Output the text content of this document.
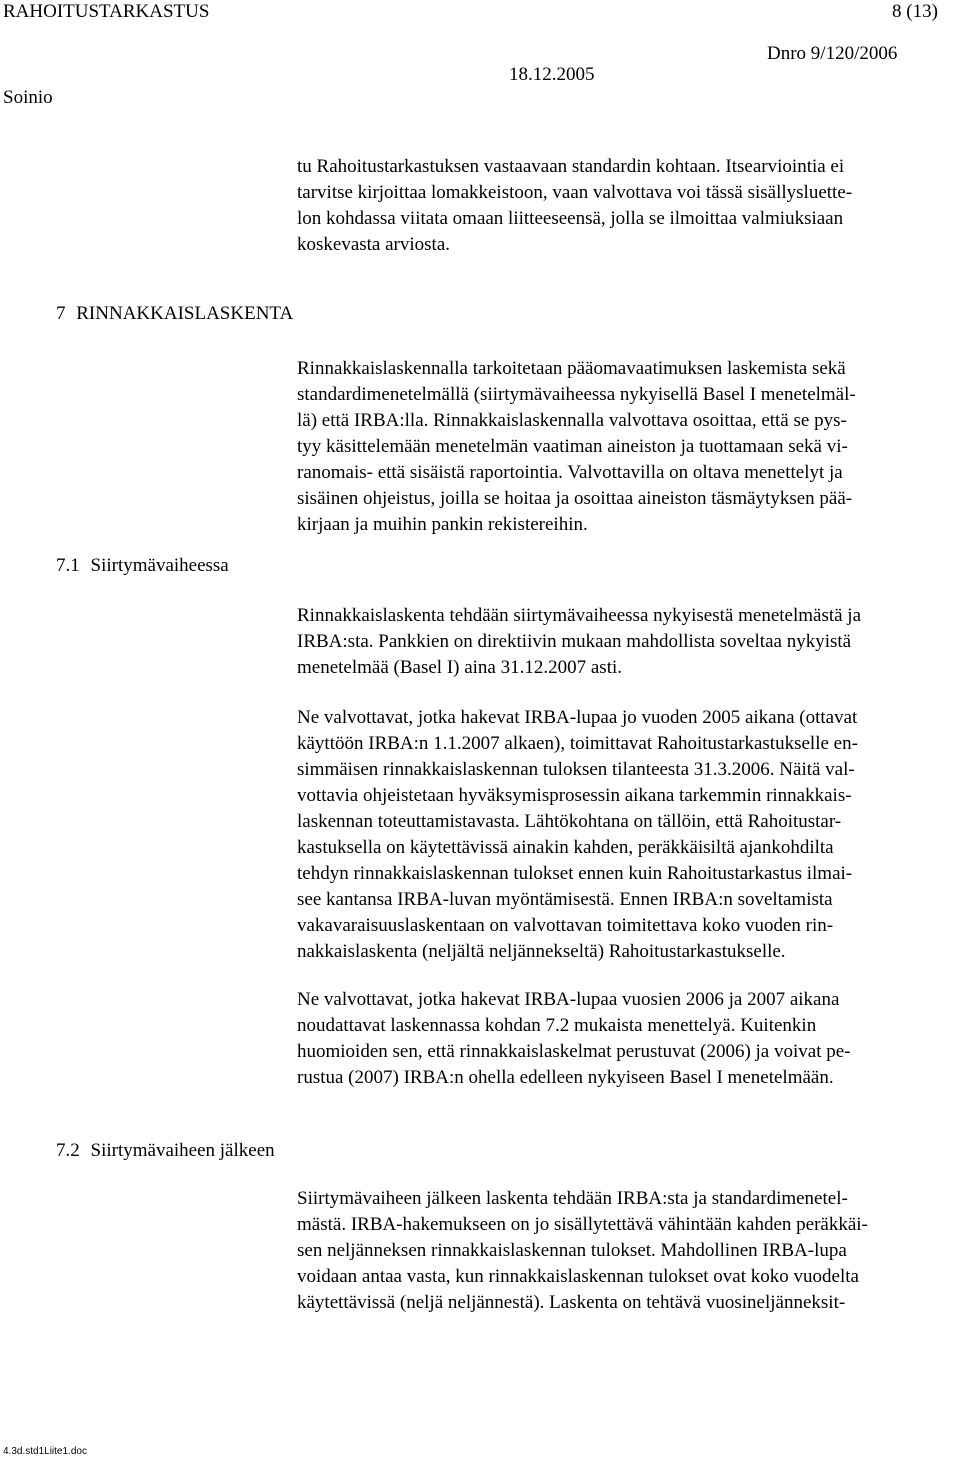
RAHOITUSTARKASTUS	8 (13)
Soinio
18.12.2005
Dnro 9/120/2006
tu Rahoitustarkastuksen vastaavaan standardin kohtaan. Itsearviointia ei
tarvitse kirjoittaa lomakkeistoon, vaan valvottava voi tässä sisällysluette-
lon kohdassa viitata omaan liitteeseensä, jolla se ilmoittaa valmiuksiaan
koskevasta arviosta.
7 RINNAKKAISLASKENTA
Rinnakkaislaskennalla tarkoitetaan pääomavaatimuksen laskemista sekä
standardimenetelmällä (siirtymävaiheessa nykyisellä Basel I menetelmäl-
lä) että IRBA:lla. Rinnakkaislaskennalla valvottava osoittaa, että se pys-
tyy käsittelemään menetelmän vaatiman aineiston ja tuottamaan sekä vi-
ranomais- että sisäistä raportointia. Valvottavilla on oltava menettelyt ja
sisäinen ohjeistus, joilla se hoitaa ja osoittaa aineiston täsmäytyksen pää-
kirjaan ja muihin pankin rekistereihin.
7.1 Siirtymävaiheessa
Rinnakkaislaskenta tehdään siirtymävaiheessa nykyisestä menetelmästä ja
IRBA:sta. Pankkien on direktiivin mukaan mahdollista soveltaa nykyistä
menetelmää (Basel I) aina 31.12.2007 asti.
Ne valvottavat, jotka hakevat IRBA-lupaa jo vuoden 2005 aikana (ottavat
käyttöön IRBA:n 1.1.2007 alkaen), toimittavat Rahoitustarkastukselle en-
simmäisen rinnakkaislaskennan tuloksen tilanteesta 31.3.2006. Näitä val-
vottavia ohjeistetaan hyväksymisprosessin aikana tarkemmin rinnakkais-
laskennan toteuttamistavasta. Lähtökohtana on tällöin, että Rahoitustar-
kastuksella on käytettävissä ainakin kahden, peräkkäisiltä ajankohdilta
tehdyn rinnakkaislaskennan tulokset ennen kuin Rahoitustarkastus ilmai-
see kantansa IRBA-luvan myöntämisestä. Ennen IRBA:n soveltamista
vakavaraisuuslaskentaan on valvottavan toimitettava koko vuoden rin-
nakkaislaskenta (neljältä neljännekseltä) Rahoitustarkastukselle.
Ne valvottavat, jotka hakevat IRBA-lupaa vuosien 2006 ja 2007 aikana
noudattavat laskennassa kohdan 7.2 mukaista menettelyä. Kuitenkin
huomioiden sen, että rinnakkaislaskelmat perustuvat (2006) ja voivat pe-
rustua (2007) IRBA:n ohella edelleen nykyiseen Basel I menetelmään.
7.2 Siirtymävaiheen jälkeen
Siirtymävaiheen jälkeen laskenta tehdään IRBA:sta ja standardimenetel-
mästä. IRBA-hakemukseen on jo sisällytettävä vähintään kahden peräkkäi-
sen neljänneksen rinnakkaislaskennan tulokset. Mahdollinen IRBA-lupa
voidaan antaa vasta, kun rinnakkaislaskennan tulokset ovat koko vuodelta
käytettävissä (neljä neljännestä). Laskenta on tehtävä vuosineljänneksit-
4.3d.std1Liite1.doc
